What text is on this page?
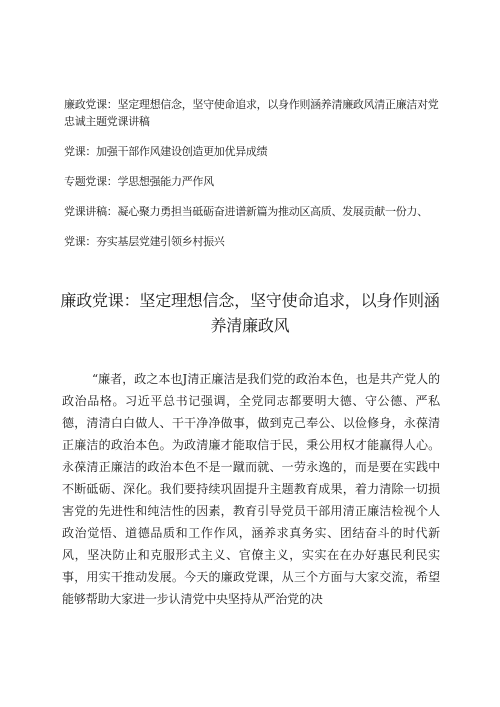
廉政党课：坚定理想信念，坚守使命追求，以身作则涵养清廉政风清正廉洁对党忠诚主题党课讲稿
党课：加强干部作风建设创造更加优异成绩
专题党课：学思想强能力严作风
党课讲稿：凝心聚力勇担当砥砺奋进谱新篇为推动区高质、发展贡献一份力、
党课：夯实基层党建引领乡村振兴
廉政党课：坚定理想信念，坚守使命追求，以身作则涵养清廉政风
“廉者，政之本也J清正廉洁是我们党的政治本色，也是共产党人的政治品格。习近平总书记强调，全党同志都要明大德、守公德、严私德，清清白白做人、干干净净做事，做到克己奉公、以俭修身，永葆清正廉洁的政治本色。为政清廉才能取信于民，秉公用权才能赢得人心。永葆清正廉洁的政治本色不是一蹴而就、一劳永逸的，而是要在实践中不断砥砺、深化。我们要持续巩固提升主题教育成果，着力清除一切损害党的先进性和纯洁性的因素，教育引导党员干部用清正廉洁检视个人政治觉悟、道德品质和工作作风，涵养求真务实、团结奋斗的时代新风，坚决防止和克服形式主义、官僚主义，实实在在办好惠民利民实事，用实干推动发展。今天的廉政党课，从三个方面与大家交流，希望能够帮助大家进一步认清党中央坚持从严治党的决
